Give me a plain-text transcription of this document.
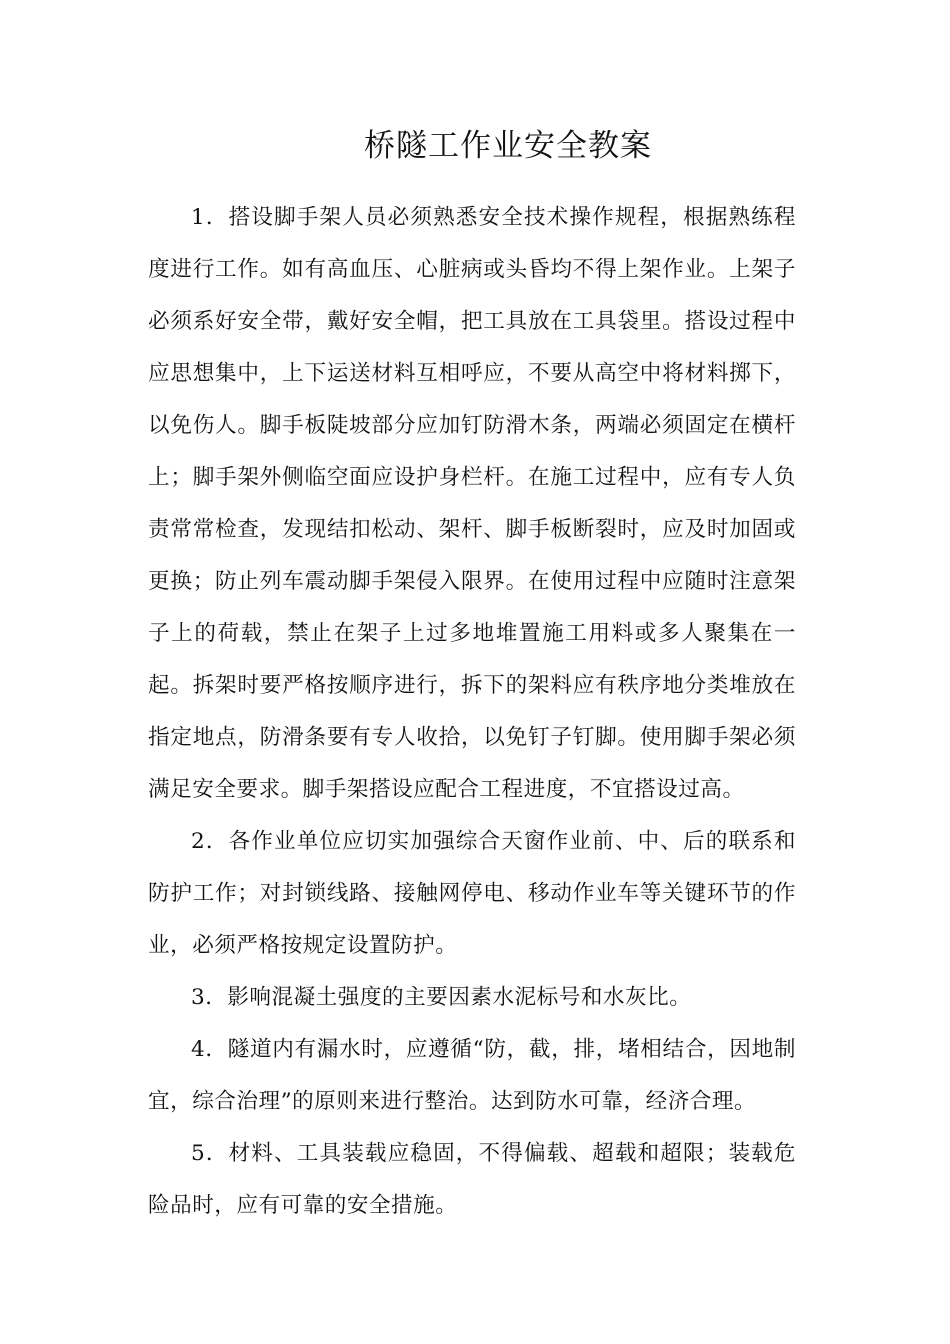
桥隧工作业安全教案

1．搭设脚手架人员必须熟悉安全技术操作规程，根据熟练程度进行工作。如有高血压、心脏病或头昏均不得上架作业。上架子必须系好安全带，戴好安全帽，把工具放在工具袋里。搭设过程中应思想集中，上下运送材料互相呼应，不要从高空中将材料掷下，以免伤人。脚手板陡坡部分应加钉防滑木条，两端必须固定在横杆上；脚手架外侧临空面应设护身栏杆。在施工过程中，应有专人负责常常检查，发现结扣松动、架杆、脚手板断裂时，应及时加固或更换；防止列车震动脚手架侵入限界。在使用过程中应随时注意架子上的荷载，禁止在架子上过多地堆置施工用料或多人聚集在一起。拆架时要严格按顺序进行，拆下的架料应有秩序地分类堆放在指定地点，防滑条要有专人收拾，以免钉子钉脚。使用脚手架必须满足安全要求。脚手架搭设应配合工程进度，不宜搭设过高。

2．各作业单位应切实加强综合天窗作业前、中、后的联系和防护工作；对封锁线路、接触网停电、移动作业车等关键环节的作业，必须严格按规定设置防护。

3．影响混凝土强度的主要因素水泥标号和水灰比。

4．隧道内有漏水时，应遵循“防，截，排，堵相结合，因地制宜，综合治理”的原则来进行整治。达到防水可靠，经济合理。

5．材料、工具装载应稳固，不得偏载、超载和超限；装载危险品时，应有可靠的安全措施。
